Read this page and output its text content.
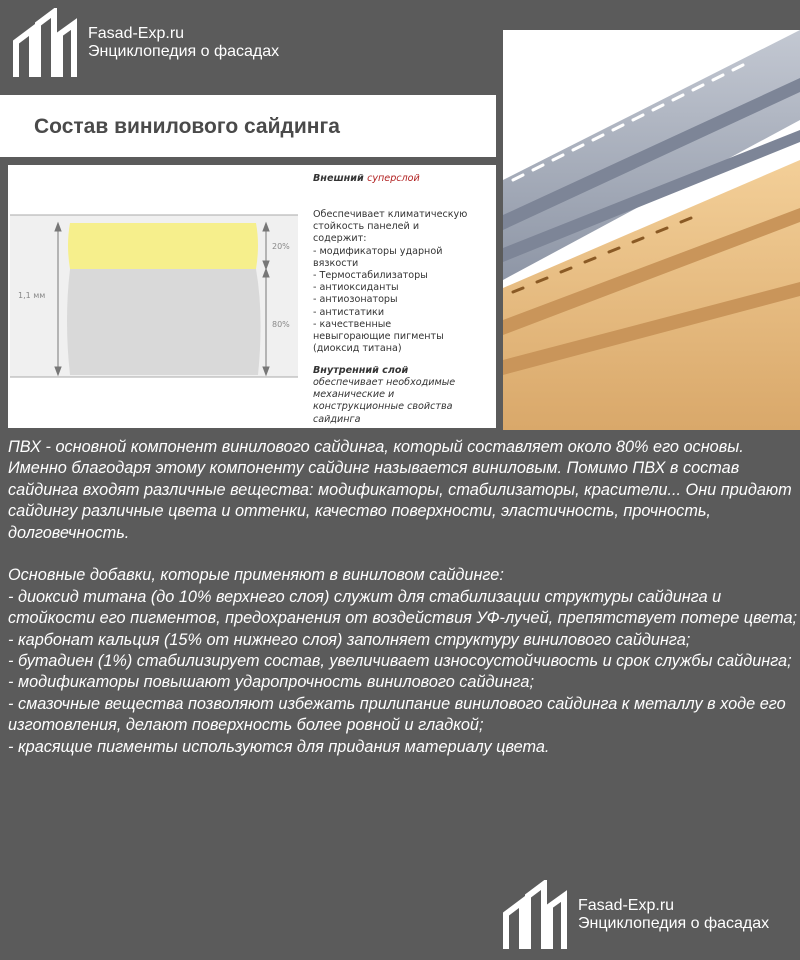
Fasad-Exp.ru
Энциклопедия о фасадах
Состав винилового сайдинга
1,1 мм
20%
80%
Внешний суперслой
Обеспечивает климатическую
стойкость панелей и
содержит:
- модификаторы ударной
вязкости
- Термостабилизаторы
- антиоксиданты
- антиозонаторы
- антистатики
- качественные
невыгорающие пигменты
(диоксид титана)
Внутренний слой
обеспечивает необходимые
механические и
конструкционные свойства
сайдинга

ПВХ - основной компонент винилового сайдинга, который составляет около 80% его основы. Именно благодаря этому компоненту сайдинг называется виниловым. Помимо ПВХ в состав сайдинга входят различные вещества: модификаторы, стабилизаторы, красители... Они придают сайдингу различные цвета и оттенки, качество поверхности, эластичность, прочность, долговечность.

Основные добавки, которые применяют в виниловом сайдинге:

- диоксид титана (до 10% верхнего слоя) служит для стабилизации структуры сайдинга и стойкости его пигментов, предохранения от воздействия УФ-лучей, препятствует потере цвета;

- карбонат кальция (15% от нижнего слоя) заполняет структуру винилового сайдинга;

- бутадиен (1%) стабилизирует состав, увеличивает износоустойчивость и срок службы сайдинга;

- модификаторы повышают ударопрочность винилового сайдинга;

- смазочные вещества позволяют избежать прилипание винилового сайдинга к металлу в ходе его изготовления, делают поверхность более ровной и гладкой;

- красящие пигменты используются для придания материалу цвета.

Fasad-Exp.ru
Энциклопедия о фасадах
